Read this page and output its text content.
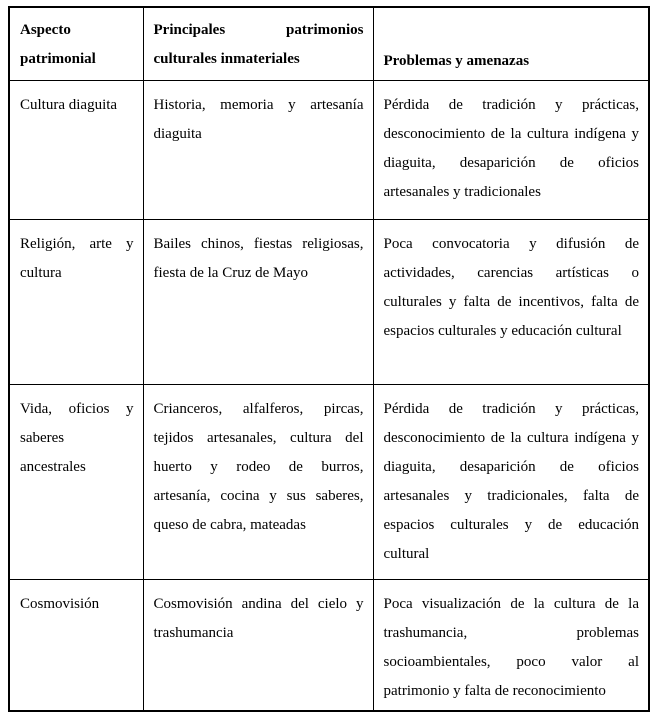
Aspecto patrimonial	Principales patrimonios culturales inmateriales	Problemas y amenazas
Cultura diaguita	Historia, memoria y artesanía diaguita	Pérdida de tradición y prácticas, desconocimiento de la cultura indígena y diaguita, desaparición de oficios artesanales y tradicionales
Religión, arte y cultura	Bailes chinos, fiestas religiosas, fiesta de la Cruz de Mayo	Poca convocatoria y difusión de actividades, carencias artísticas o culturales y falta de incentivos, falta de espacios culturales y educación cultural
Vida, oficios y saberes ancestrales	Crianceros, alfalferos, pircas, tejidos artesanales, cultura del huerto y rodeo de burros, artesanía, cocina y sus saberes, queso de cabra, mateadas	Pérdida de tradición y prácticas, desconocimiento de la cultura indígena y diaguita, desaparición de oficios artesanales y tradicionales, falta de espacios culturales y de educación cultural
Cosmovisión	Cosmovisión andina del cielo y trashumancia	Poca visualización de la cultura de la trashumancia, problemas socioambientales, poco valor al patrimonio y falta de reconocimiento
